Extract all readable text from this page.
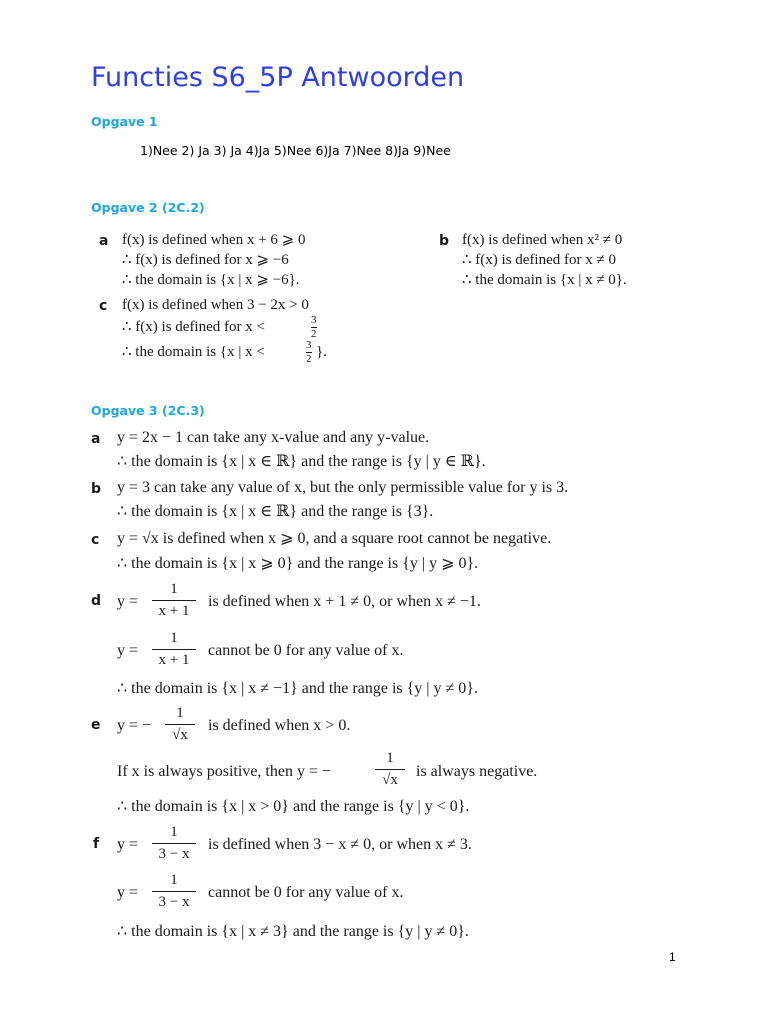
Functies S6_5P Antwoorden
Opgave 1

1)Nee 2) Ja 3) Ja 4)Ja 5)Nee 6)Ja 7)Nee 8)Ja 9)Nee

Opgave 2 (2C.2)
a f(x) is defined when x + 6 ⩾ 0

∴ f(x) is defined for x ⩾ −6

∴ the domain is {x | x ⩾ −6}.

b f(x) is defined when x² ≠ 0

∴ f(x) is defined for x ≠ 0

∴ the domain is {x | x ≠ 0}.

c f(x) is defined when 3 − 2x > 0

∴ f(x) is defined for x <	$\frac{3}{2}$

∴ the domain is {x | x <	$\frac{3}{2}$ }.

Opgave 3 (2C.3)
a y = 2x − 1 can take any x-value and any y-value.

∴ the domain is {x | x ∈ ℝ} and the range is {y | y ∈ ℝ}.

b y = 3 can take any value of x, but the only permissible value for y is 3.

∴ the domain is {x | x ∈ ℝ} and the range is {3}.

c y = √x is defined when x ⩾ 0, and a square root cannot be negative.

∴ the domain is {x | x ⩾ 0} and the range is {y | y ⩾ 0}.

d $y = \frac{1}{x + 1}$ is defined when x + 1 ≠ 0, or when x ≠ −1.

$y = \frac{1}{x + 1}$ cannot be 0 for any value of x.

∴ the domain is {x | x ≠ −1} and the range is {y | y ≠ 0}.

e y = − $\frac{1}{√x}$ is defined when x > 0.

If x is always positive, then y = −	$\frac{1}{√x}$ is always negative.

∴ the domain is {x | x > 0} and the range is {y | y < 0}.

f $y = \frac{1}{3 - x}$ is defined when 3 − x ≠ 0, or when x ≠ 3.

$y = \frac{1}{3 - x}$ cannot be 0 for any value of x.

∴ the domain is {x | x ≠ 3} and the range is {y | y ≠ 0}.

1
